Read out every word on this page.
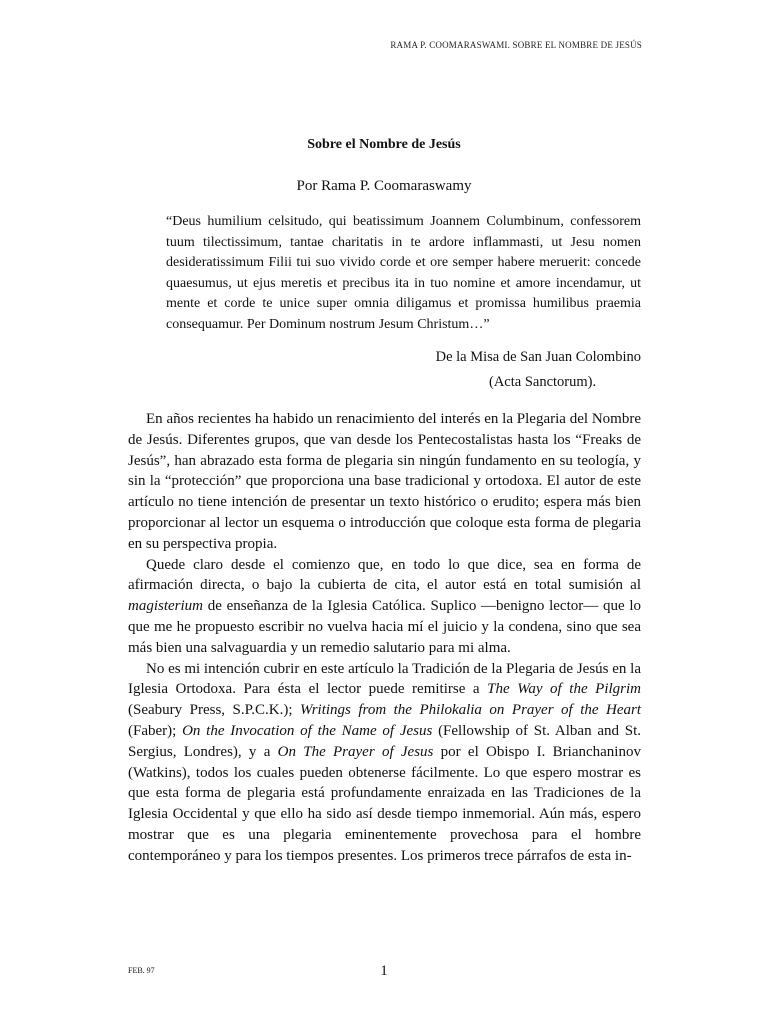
RAMA P. COOMARASWAMI. SOBRE EL NOMBRE DE JESÚS
Sobre el Nombre de Jesús
Por Rama P. Coomaraswamy
“Deus humilium celsitudo, qui beatissimum Joannem Columbinum, confessorem tuum tilectissimum, tantae charitatis in te ardore inflammasti, ut Jesu nomen desideratissimum Filii tui suo vivido corde et ore semper habere meruerit: concede quaesumus, ut ejus meretis et precibus ita in tuo nomine et amore incendamur, ut mente et corde te unice super omnia diligamus et promissa humilibus praemia consequamur. Per Dominum nostrum Jesum Christum…”
De la Misa de San Juan Colombino
(Acta Sanctorum).

En años recientes ha habido un renacimiento del interés en la Plegaria del Nombre de Jesús. Diferentes grupos, que van desde los Pentecostalistas hasta los “Freaks de Jesús”, han abrazado esta forma de plegaria sin ningún fundamento en su teología, y sin la “protección” que proporciona una base tradicional y ortodoxa. El autor de este artículo no tiene intención de presentar un texto histórico o erudito; espera más bien proporcionar al lector un esquema o introducción que coloque esta forma de plegaria en su perspectiva propia.

Quede claro desde el comienzo que, en todo lo que dice, sea en forma de afirmación directa, o bajo la cubierta de cita, el autor está en total sumisión al magisterium de enseñanza de la Iglesia Católica. Suplico —benigno lector— que lo que me he propuesto escribir no vuelva hacia mí el juicio y la condena, sino que sea más bien una salvaguardia y un remedio salutario para mi alma.

No es mi intención cubrir en este artículo la Tradición de la Plegaria de Jesús en la Iglesia Ortodoxa. Para ésta el lector puede remitirse a The Way of the Pilgrim (Seabury Press, S.P.C.K.); Writings from the Philokalia on Prayer of the Heart (Faber); On the Invocation of the Name of Jesus (Fellowship of St. Alban and St. Sergius, Londres), y a On The Prayer of Jesus por el Obispo I. Brianchaninov (Watkins), todos los cuales pueden obtenerse fácilmente. Lo que espero mostrar es que esta forma de plegaria está profundamente enraizada en las Tradiciones de la Iglesia Occidental y que ello ha sido así desde tiempo inmemorial. Aún más, espero mostrar que es una plegaria eminentemente provechosa para el hombre contemporáneo y para los tiempos presentes. Los primeros trece párrafos de esta in-

FEB. 97	1
